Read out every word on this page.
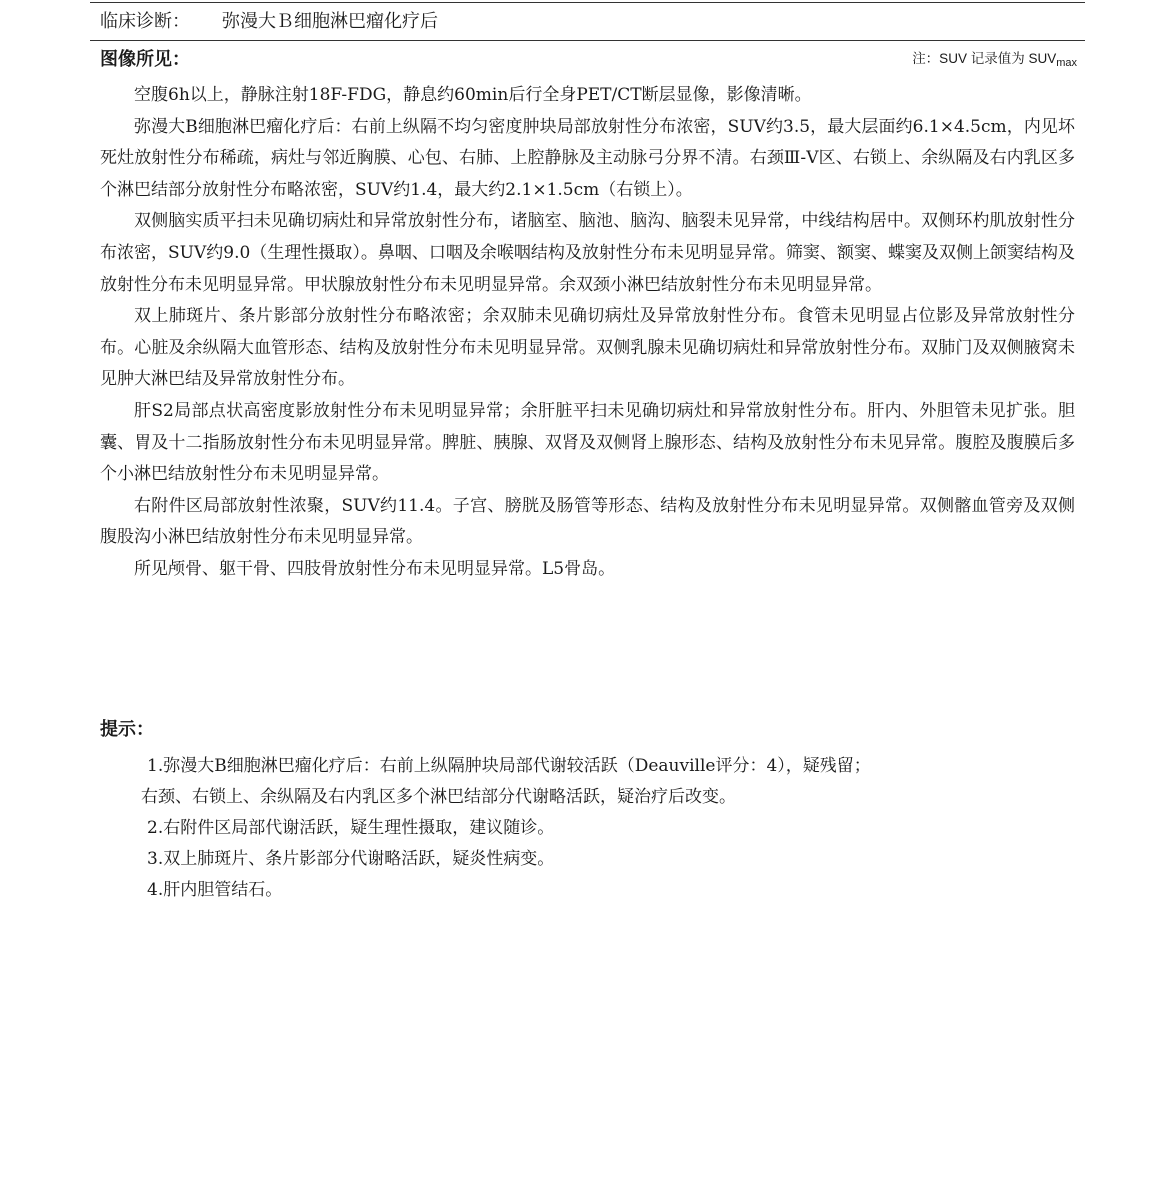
临床诊断： 弥漫大Ｂ细胞淋巴瘤化疗后
图像所见：	注：SUV 记录值为 $SUV_{max}$

空腹6h以上，静脉注射18F-FDG，静息约60min后行全身PET/CT断层显像，影像清晰。

弥漫大B细胞淋巴瘤化疗后：右前上纵隔不均匀密度肿块局部放射性分布浓密，SUV约3.5，最大层面约6.1×4.5cm，内见坏死灶放射性分布稀疏，病灶与邻近胸膜、心包、右肺、上腔静脉及主动脉弓分界不清。右颈Ⅲ-Ⅴ区、右锁上、余纵隔及右内乳区多个淋巴结部分放射性分布略浓密，SUV约1.4，最大约2.1×1.5cm（右锁上）。

双侧脑实质平扫未见确切病灶和异常放射性分布，诸脑室、脑池、脑沟、脑裂未见异常，中线结构居中。双侧环杓肌放射性分布浓密，SUV约9.0（生理性摄取）。鼻咽、口咽及余喉咽结构及放射性分布未见明显异常。筛窦、额窦、蝶窦及双侧上颌窦结构及放射性分布未见明显异常。甲状腺放射性分布未见明显异常。余双颈小淋巴结放射性分布未见明显异常。

双上肺斑片、条片影部分放射性分布略浓密；余双肺未见确切病灶及异常放射性分布。食管未见明显占位影及异常放射性分布。心脏及余纵隔大血管形态、结构及放射性分布未见明显异常。双侧乳腺未见确切病灶和异常放射性分布。双肺门及双侧腋窝未见肿大淋巴结及异常放射性分布。

肝S2局部点状高密度影放射性分布未见明显异常；余肝脏平扫未见确切病灶和异常放射性分布。肝内、外胆管未见扩张。胆囊、胃及十二指肠放射性分布未见明显异常。脾脏、胰腺、双肾及双侧肾上腺形态、结构及放射性分布未见异常。腹腔及腹膜后多个小淋巴结放射性分布未见明显异常。

右附件区局部放射性浓聚，SUV约11.4。子宫、膀胱及肠管等形态、结构及放射性分布未见明显异常。双侧髂血管旁及双侧腹股沟小淋巴结放射性分布未见明显异常。

所见颅骨、躯干骨、四肢骨放射性分布未见明显异常。L5骨岛。

提示：

1.弥漫大B细胞淋巴瘤化疗后：右前上纵隔肿块局部代谢较活跃（Deauville评分：4），疑残留；
右颈、右锁上、余纵隔及右内乳区多个淋巴结部分代谢略活跃，疑治疗后改变。

2.右附件区局部代谢活跃，疑生理性摄取，建议随诊。

3.双上肺斑片、条片影部分代谢略活跃，疑炎性病变。

4.肝内胆管结石。
